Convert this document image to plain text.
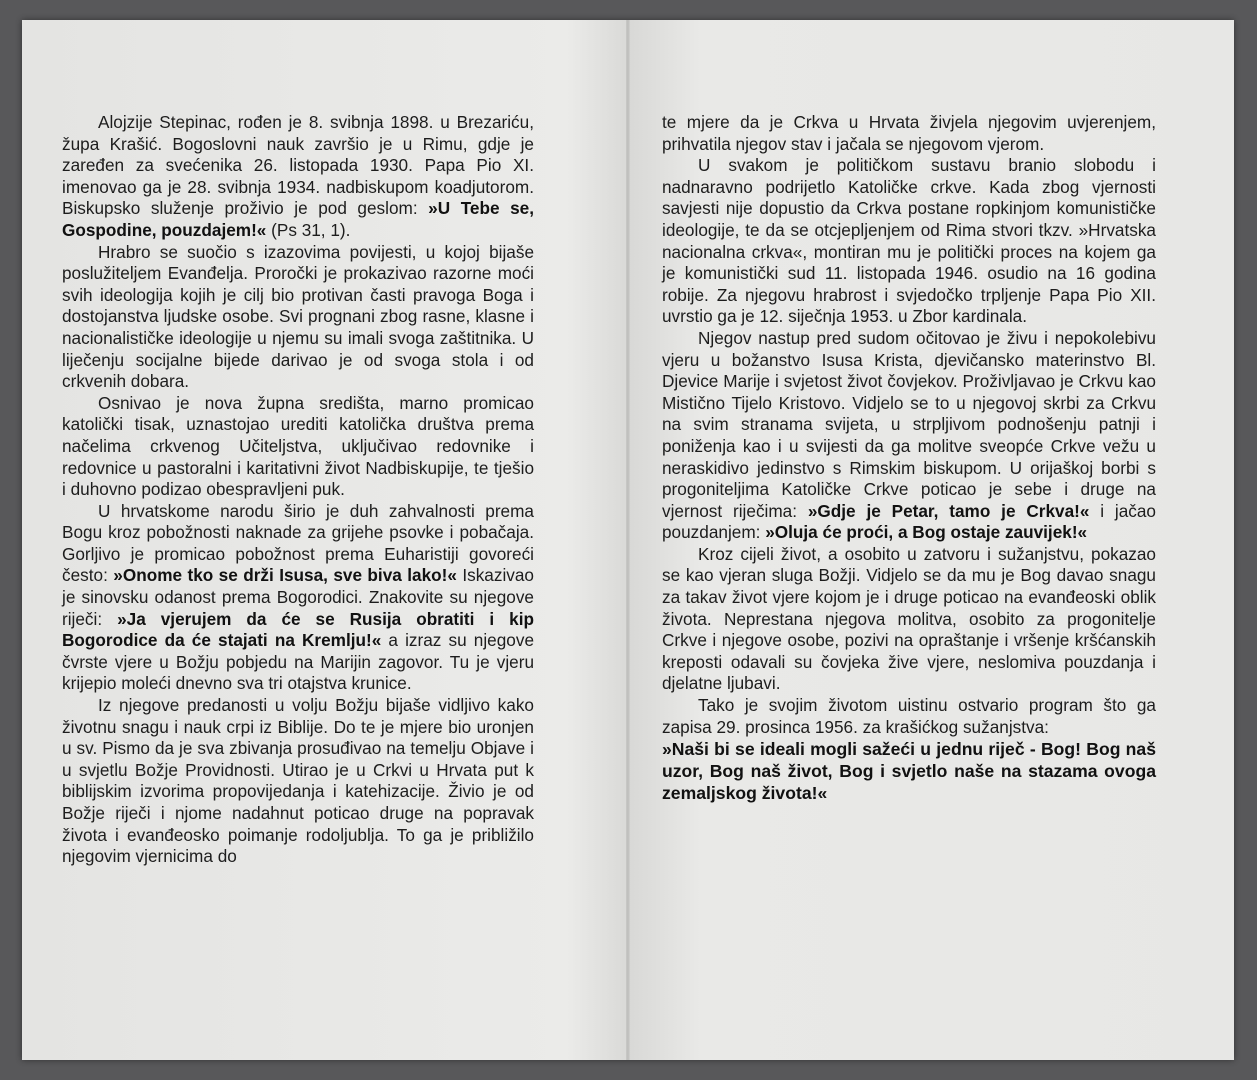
Alojzije Stepinac, rođen je 8. svibnja 1898. u Brezariću, župa Krašić. Bogoslovni nauk završio je u Rimu, gdje je zaređen za svećenika 26. listopada 1930. Papa Pio XI. imenovao ga je 28. svibnja 1934. nadbiskupom koadjutorom. Biskupsko služenje proživio je pod geslom: »U Tebe se, Gospodine, pouzdajem!« (Ps 31, 1).

Hrabro se suočio s izazovima povijesti, u kojoj bijaše poslužiteljem Evanđelja. Proročki je prokazivao razorne moći svih ideologija kojih je cilj bio protivan časti pravoga Boga i dostojanstva ljudske osobe. Svi prognani zbog rasne, klasne i nacionalističke ideologije u njemu su imali svoga zaštitnika. U liječenju socijalne bijede darivao je od svoga stola i od crkvenih dobara.

Osnivao je nova župna središta, marno promicao katolički tisak, uznastojao urediti katolička društva prema načelima crkvenog Učiteljstva, uključivao redovnike i redovnice u pastoralni i karitativni život Nadbiskupije, te tješio i duhovno podizao obespravljeni puk.

U hrvatskome narodu širio je duh zahvalnosti prema Bogu kroz pobožnosti naknade za grijehe psovke i pobačaja. Gorljivo je promicao pobožnost prema Euharistiji govoreći često: »Onome tko se drži Isusa, sve biva lako!« Iskazivao je sinovsku odanost prema Bogorodici. Znakovite su njegove riječi: »Ja vjerujem da će se Rusija obratiti i kip Bogorodice da će stajati na Kremlju!« a izraz su njegove čvrste vjere u Božju pobjedu na Marijin zagovor. Tu je vjeru krijepio moleći dnevno sva tri otajstva krunice.

Iz njegove predanosti u volju Božju bijaše vidljivo kako životnu snagu i nauk crpi iz Biblije. Do te je mjere bio uronjen u sv. Pismo da je sva zbivanja prosuđivao na temelju Objave i u svjetlu Božje Providnosti. Utirao je u Crkvi u Hrvata put k biblijskim izvorima propovijedanja i katehizacije. Živio je od Božje riječi i njome nadahnut poticao druge na popravak života i evanđeosko poimanje rodoljublja. To ga je približilo njegovim vjernicima do

te mjere da je Crkva u Hrvata živjela njegovim uvjerenjem, prihvatila njegov stav i jačala se njegovom vjerom.

U svakom je političkom sustavu branio slobodu i nadnaravno podrijetlo Katoličke crkve. Kada zbog vjernosti savjesti nije dopustio da Crkva postane ropkinjom komunističke ideologije, te da se otcjepljenjem od Rima stvori tkzv. »Hrvatska nacionalna crkva«, montiran mu je politički proces na kojem ga je komunistički sud 11. listopada 1946. osudio na 16 godina robije. Za njegovu hrabrost i svjedočko trpljenje Papa Pio XII. uvrstio ga je 12. siječnja 1953. u Zbor kardinala.

Njegov nastup pred sudom očitovao je živu i nepokolebivu vjeru u božanstvo Isusa Krista, djevičansko materinstvo Bl. Djevice Marije i svjetost život čovjekov. Proživljavao je Crkvu kao Mistično Tijelo Kristovo. Vidjelo se to u njegovoj skrbi za Crkvu na svim stranama svijeta, u strpljivom podnošenju patnji i poniženja kao i u svijesti da ga molitve sveopće Crkve vežu u neraskidivo jedinstvo s Rimskim biskupom. U orijaškoj borbi s progoniteljima Katoličke Crkve poticao je sebe i druge na vjernost riječima: »Gdje je Petar, tamo je Crkva!« i jačao pouzdanjem: »Oluja će proći, a Bog ostaje zauvijek!«

Kroz cijeli život, a osobito u zatvoru i sužanjstvu, pokazao se kao vjeran sluga Božji. Vidjelo se da mu je Bog davao snagu za takav život vjere kojom je i druge poticao na evanđeoski oblik života. Neprestana njegova molitva, osobito za progonitelje Crkve i njegove osobe, pozivi na opraštanje i vršenje kršćanskih kreposti odavali su čovjeka žive vjere, neslomiva pouzdanja i djelatne ljubavi.

Tako je svojim životom uistinu ostvario program što ga zapisa 29. prosinca 1956. za krašićkog sužanjstva:

»Naši bi se ideali mogli sažeći u jednu riječ - Bog! Bog naš uzor, Bog naš život, Bog i svjetlo naše na stazama ovoga zemaljskog života!«
